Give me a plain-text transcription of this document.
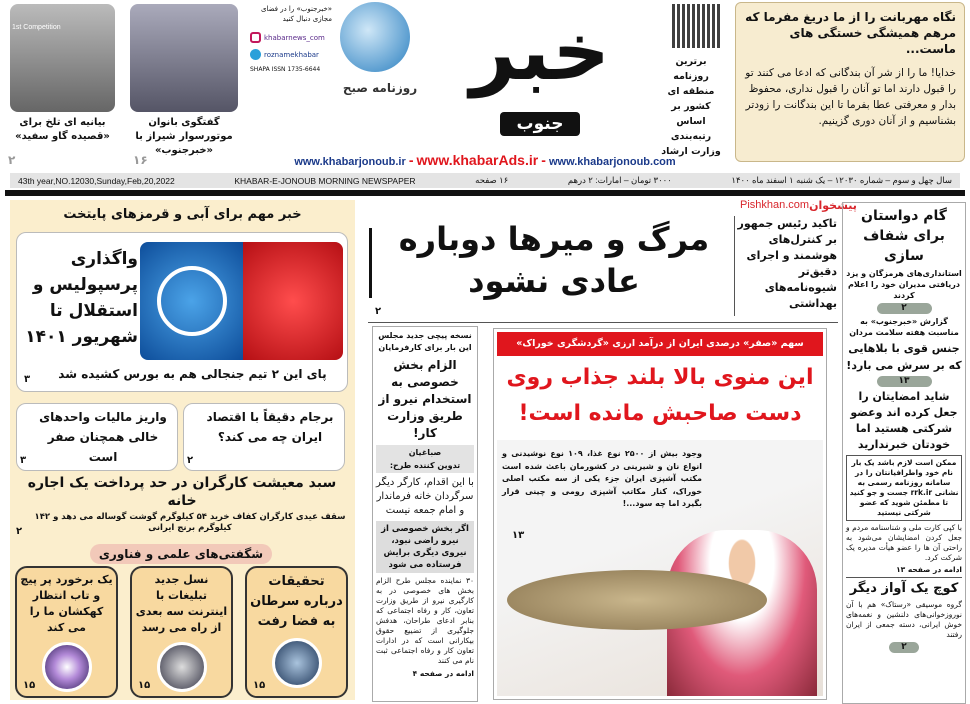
نگاه مهربانت را از ما دریغ مفرما که مرهم همیشگی خستگی های ماست...
خدایا! ما را از شر آن بندگانی که ادعا می کنند تو را قبول دارند اما تو آنان را قبول نداری، محفوظ بدار و معرفتی عطا بفرما تا این بندگانت را زودتر بشناسیم و از آنان دوری گزینیم.
برترین روزنامه منطقه ای کشور بر اساس رتبه‌بندی وزارت ارشاد
روزنامه صبح خبر
جنوب
«خبرجنوب» را در فضای مجازی دنبال کنید
khabarnews_com
roznamekhabar
SHAPA ISSN 1735-6644
گفتگوی بانوان موتورسوار شیراز با «خبرجنوب»
۱۶
1st Competition
بیانیه ای تلخ برای «قصیده گاو سفید»
۲	www.khabarjonoub.ir - www.khabarAds.ir - www.khabarjonoub.com
43th year,NO.12030,Sunday,Feb,20,2022	KHABAR-E-JONOUB MORNING NEWSPAPER	۱۶ صفحه	۳۰۰۰ تومان – امارات: ۲ درهم	سال چهل و سوم – شماره ۱۲۰۳۰ – یک شنبه ۱ اسفند ماه ۱۴۰۰
Pishkhan.com پیشخوان
خبر مهم برای آبی و قرمزهای پایتخت
واگذاری پرسپولیس و استقلال تا شهریور ۱۴۰۱
پای این ۲ تیم جنجالی هم به بورس کشیده شد
۳
برجام دقیقاً با اقتصاد ایران چه می کند؟
۲
واریز مالیات واحدهای خالی همچنان صفر است
۳
سبد معیشت کارگران در حد پرداخت یک اجاره خانه
سقف عیدی کارگران کفاف خرید ۵۴ کیلوگرم گوشت گوساله می دهد و ۱۴۲ کیلوگرم برنج ایرانی
۲
شگفتی‌های علمی و فناوری
تحقیقات درباره سرطان به فضا رفت
۱۵
نسل جدید تبلیغات با اینترنت سه بعدی از راه می رسد
۱۵
یک برخورد پر پیچ و تاب انتظار کهکشان ما را می کند
۱۵
مرگ و میرها دوباره عادی نشود
تاکید رئیس جمهور بر کنترل‌های هوشمند و اجرای دقیق‌تر شیوه‌نامه‌های بهداشتی
۲
نسخه پیچی جدید مجلس این بار برای کارفرمایان
الزام بخش خصوصی به استخدام نیرو از طریق وزارت کار!
صباغیان
تدوین کننده طرح:
با این اقدام، کارگر دیگر سرگردان خانه فرماندار و امام جمعه نیست
اگر بخش خصوصی از نیرو راضی نبود، نیروی دیگری برایش فرستاده می شود
۳۰ نماینده مجلس طرح الزام بخش های خصوصی در به کارگیری نیرو از طریق وزارت تعاون، کار و رفاه اجتماعی که بنابر ادعای طراحان، هدفش جلوگیری از تضییع حقوق بیکارانی است که در ادارات تعاون کار و رفاه اجتماعی ثبت نام می کنند
ادامه در صفحه ۴
سهم «صفر» درصدی ایران از درآمد ارزی «گردشگری خوراک»
این منوی بالا بلند جذاب روی دست صاحبش مانده است!
وجود بیش از ۲۵۰۰ نوع غذا، ۱۰۹ نوع نوشیدنی و انواع نان و شیرینی در کشورمان باعث شده است مکتب آشپزی ایران جزء یکی از سه مکتب اصلی خوراک، کنار مکاتب آشپزی رومی و چینی قرار بگیرد اما چه سود...!
۱۳
گام دواستان برای شفاف سازی
استانداری‌های هرمزگان و یزد دریافتی مدیران خود را اعلام کردند
۲
گزارش «خبرجنوب» به مناسبت هفته سلامت مردان
جنس قوی با بلاهایی که بر سرش می بارد!
۱۳
شاید امضایتان را جعل کرده اند وعضو شرکتی هستید اما خودتان خبرندارید
ممکن است لازم باشد یک بار نام خود واطرافیانتان را در سامانه روزنامه رسمی به نشانی rrk.ir جست و جو کنید تا مطمئن شوید که عضو شرکتی نیستید
با کپی کارت ملی و شناسنامه مردم و جعل کردن امضایشان می‌شود به راحتی آن ها را عضو هیأت مدیره یک شرکت کرد.
ادامه در صفحه ۱۳
کوچ یک آواز دیگر
گروه موسیقی «رستاک» هم با آن نوروزخوانی‌های دلنشین و نغمه‌های خوش ایرانی، دسته جمعی از ایران رفتند
۲
